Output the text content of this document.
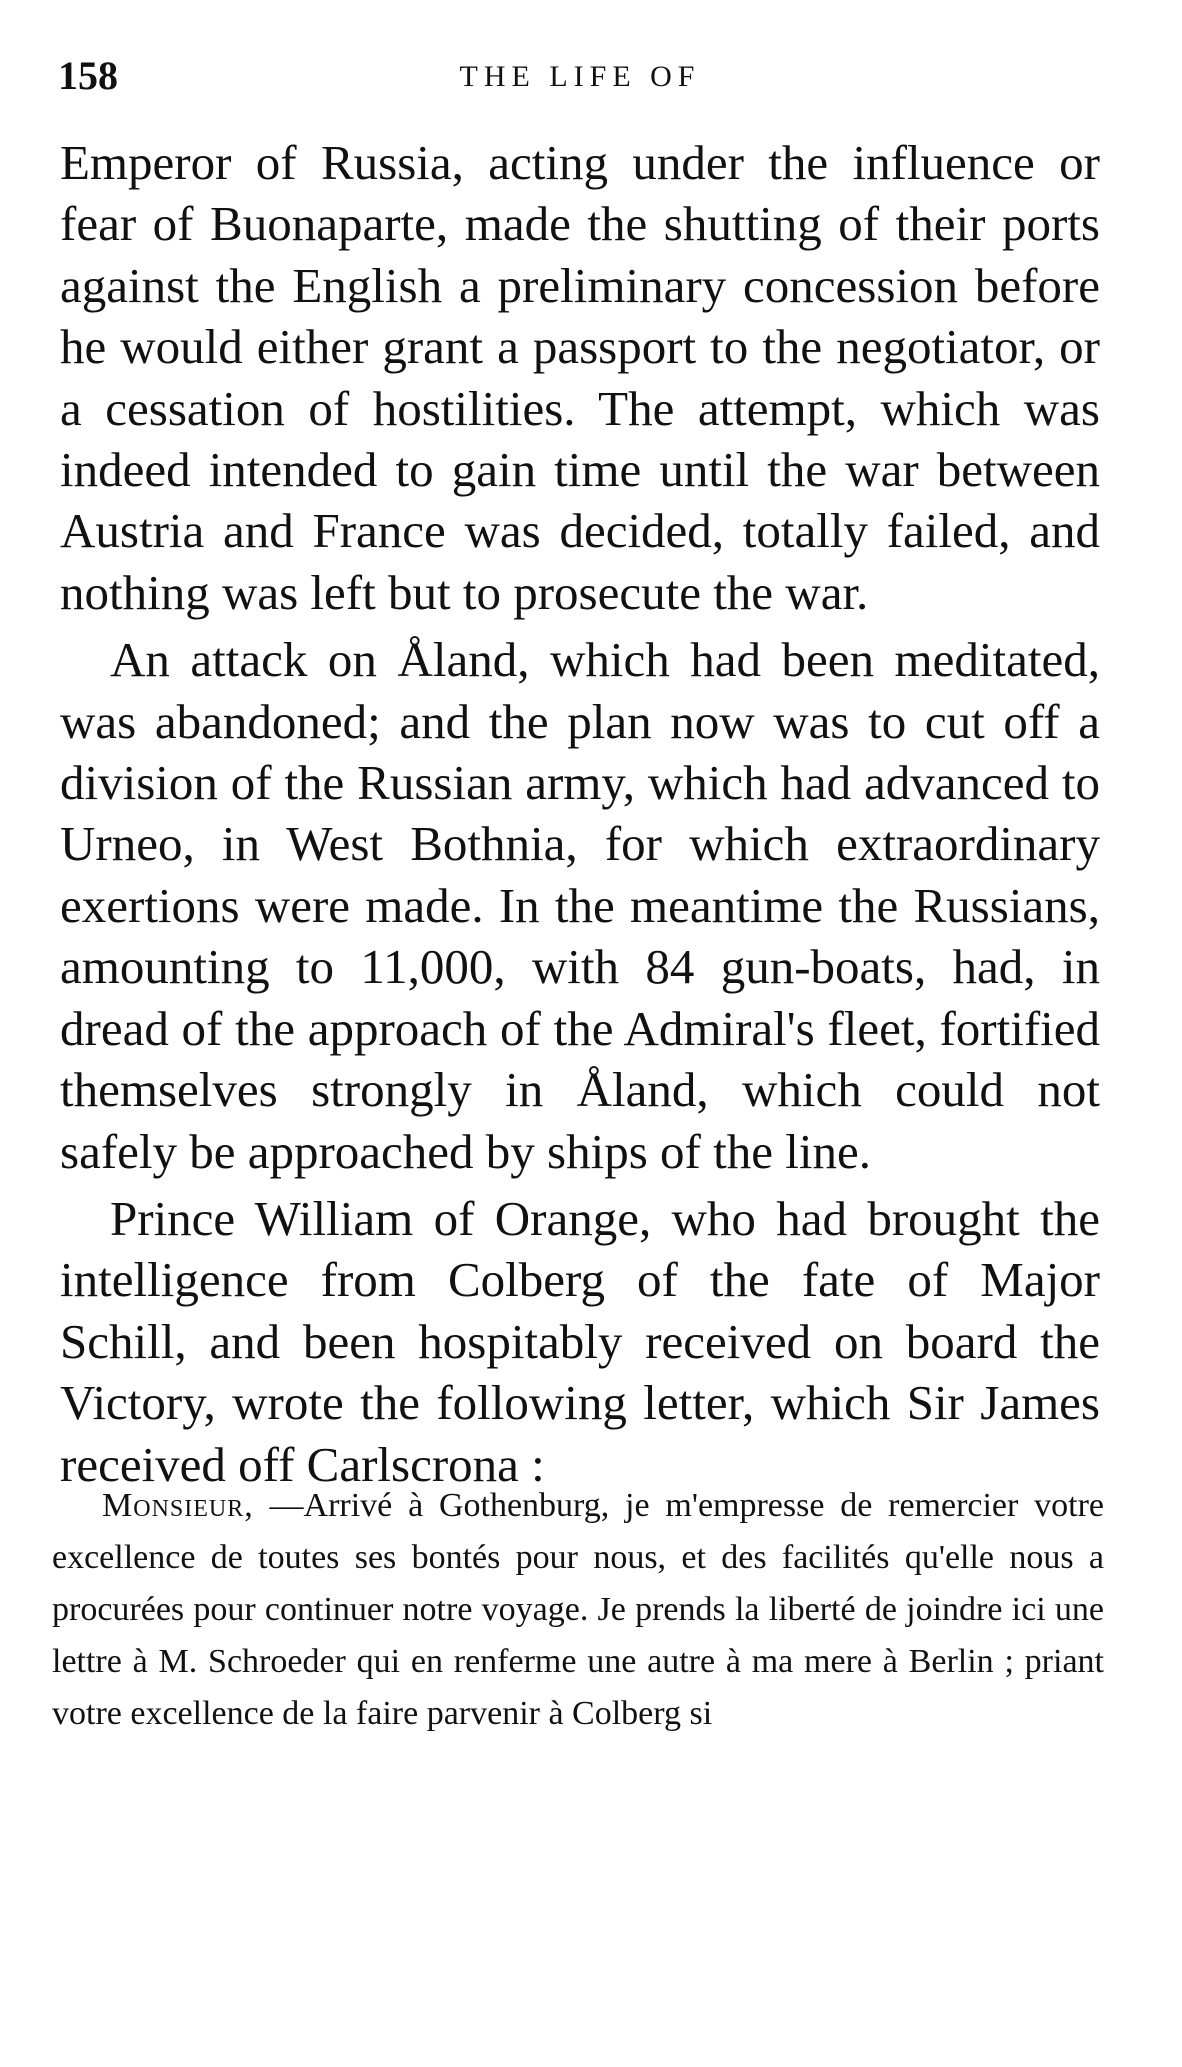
158	THE LIFE OF

Emperor of Russia, acting under the influence or fear of Buonaparte, made the shutting of their ports against the English a preliminary concession before he would either grant a passport to the negotiator, or a cessation of hostilities. The attempt, which was indeed intended to gain time until the war between Austria and France was decided, totally failed, and nothing was left but to prosecute the war.

An attack on Åland, which had been meditated, was abandoned; and the plan now was to cut off a division of the Russian army, which had advanced to Urneo, in West Bothnia, for which extraordinary exertions were made. In the meantime the Russians, amounting to 11,000, with 84 gun-boats, had, in dread of the approach of the Admiral's fleet, fortified themselves strongly in Åland, which could not safely be approached by ships of the line.

Prince William of Orange, who had brought the intelligence from Colberg of the fate of Major Schill, and been hospitably received on board the Victory, wrote the following letter, which Sir James received off Carlscrona :

Monsieur, —Arrivé à Gothenburg, je m'empresse de remercier votre excellence de toutes ses bontés pour nous, et des facilités qu'elle nous a procurées pour continuer notre voyage. Je prends la liberté de joindre ici une lettre à M. Schroeder qui en renferme une autre à ma mere à Berlin ; priant votre excellence de la faire parvenir à Colberg si
